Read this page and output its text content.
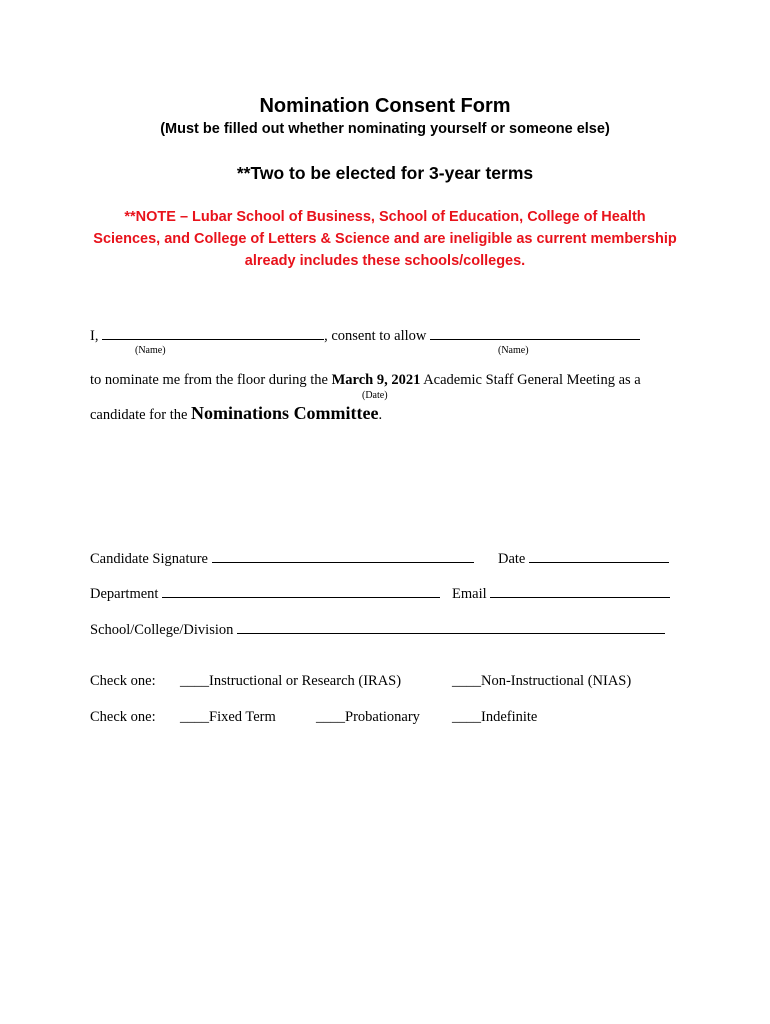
Nomination Consent Form
(Must be filled out whether nominating yourself or someone else)
**Two to be elected for 3-year terms
**NOTE – Lubar School of Business, School of Education, College of Health Sciences, and College of Letters & Science and are ineligible as current membership already includes these schools/colleges.
I,	, consent to allow
(Name)	(Name)
to nominate me from the floor during the March 9, 2021 Academic Staff General Meeting as a
(Date)
candidate for the Nominations Committee.
Candidate Signature	Date
Department	Email
School/College/Division
Check one: ____Instructional or Research (IRAS)	____Non-Instructional (NIAS)
Check one: ____Fixed Term	____Probationary ____Indefinite
